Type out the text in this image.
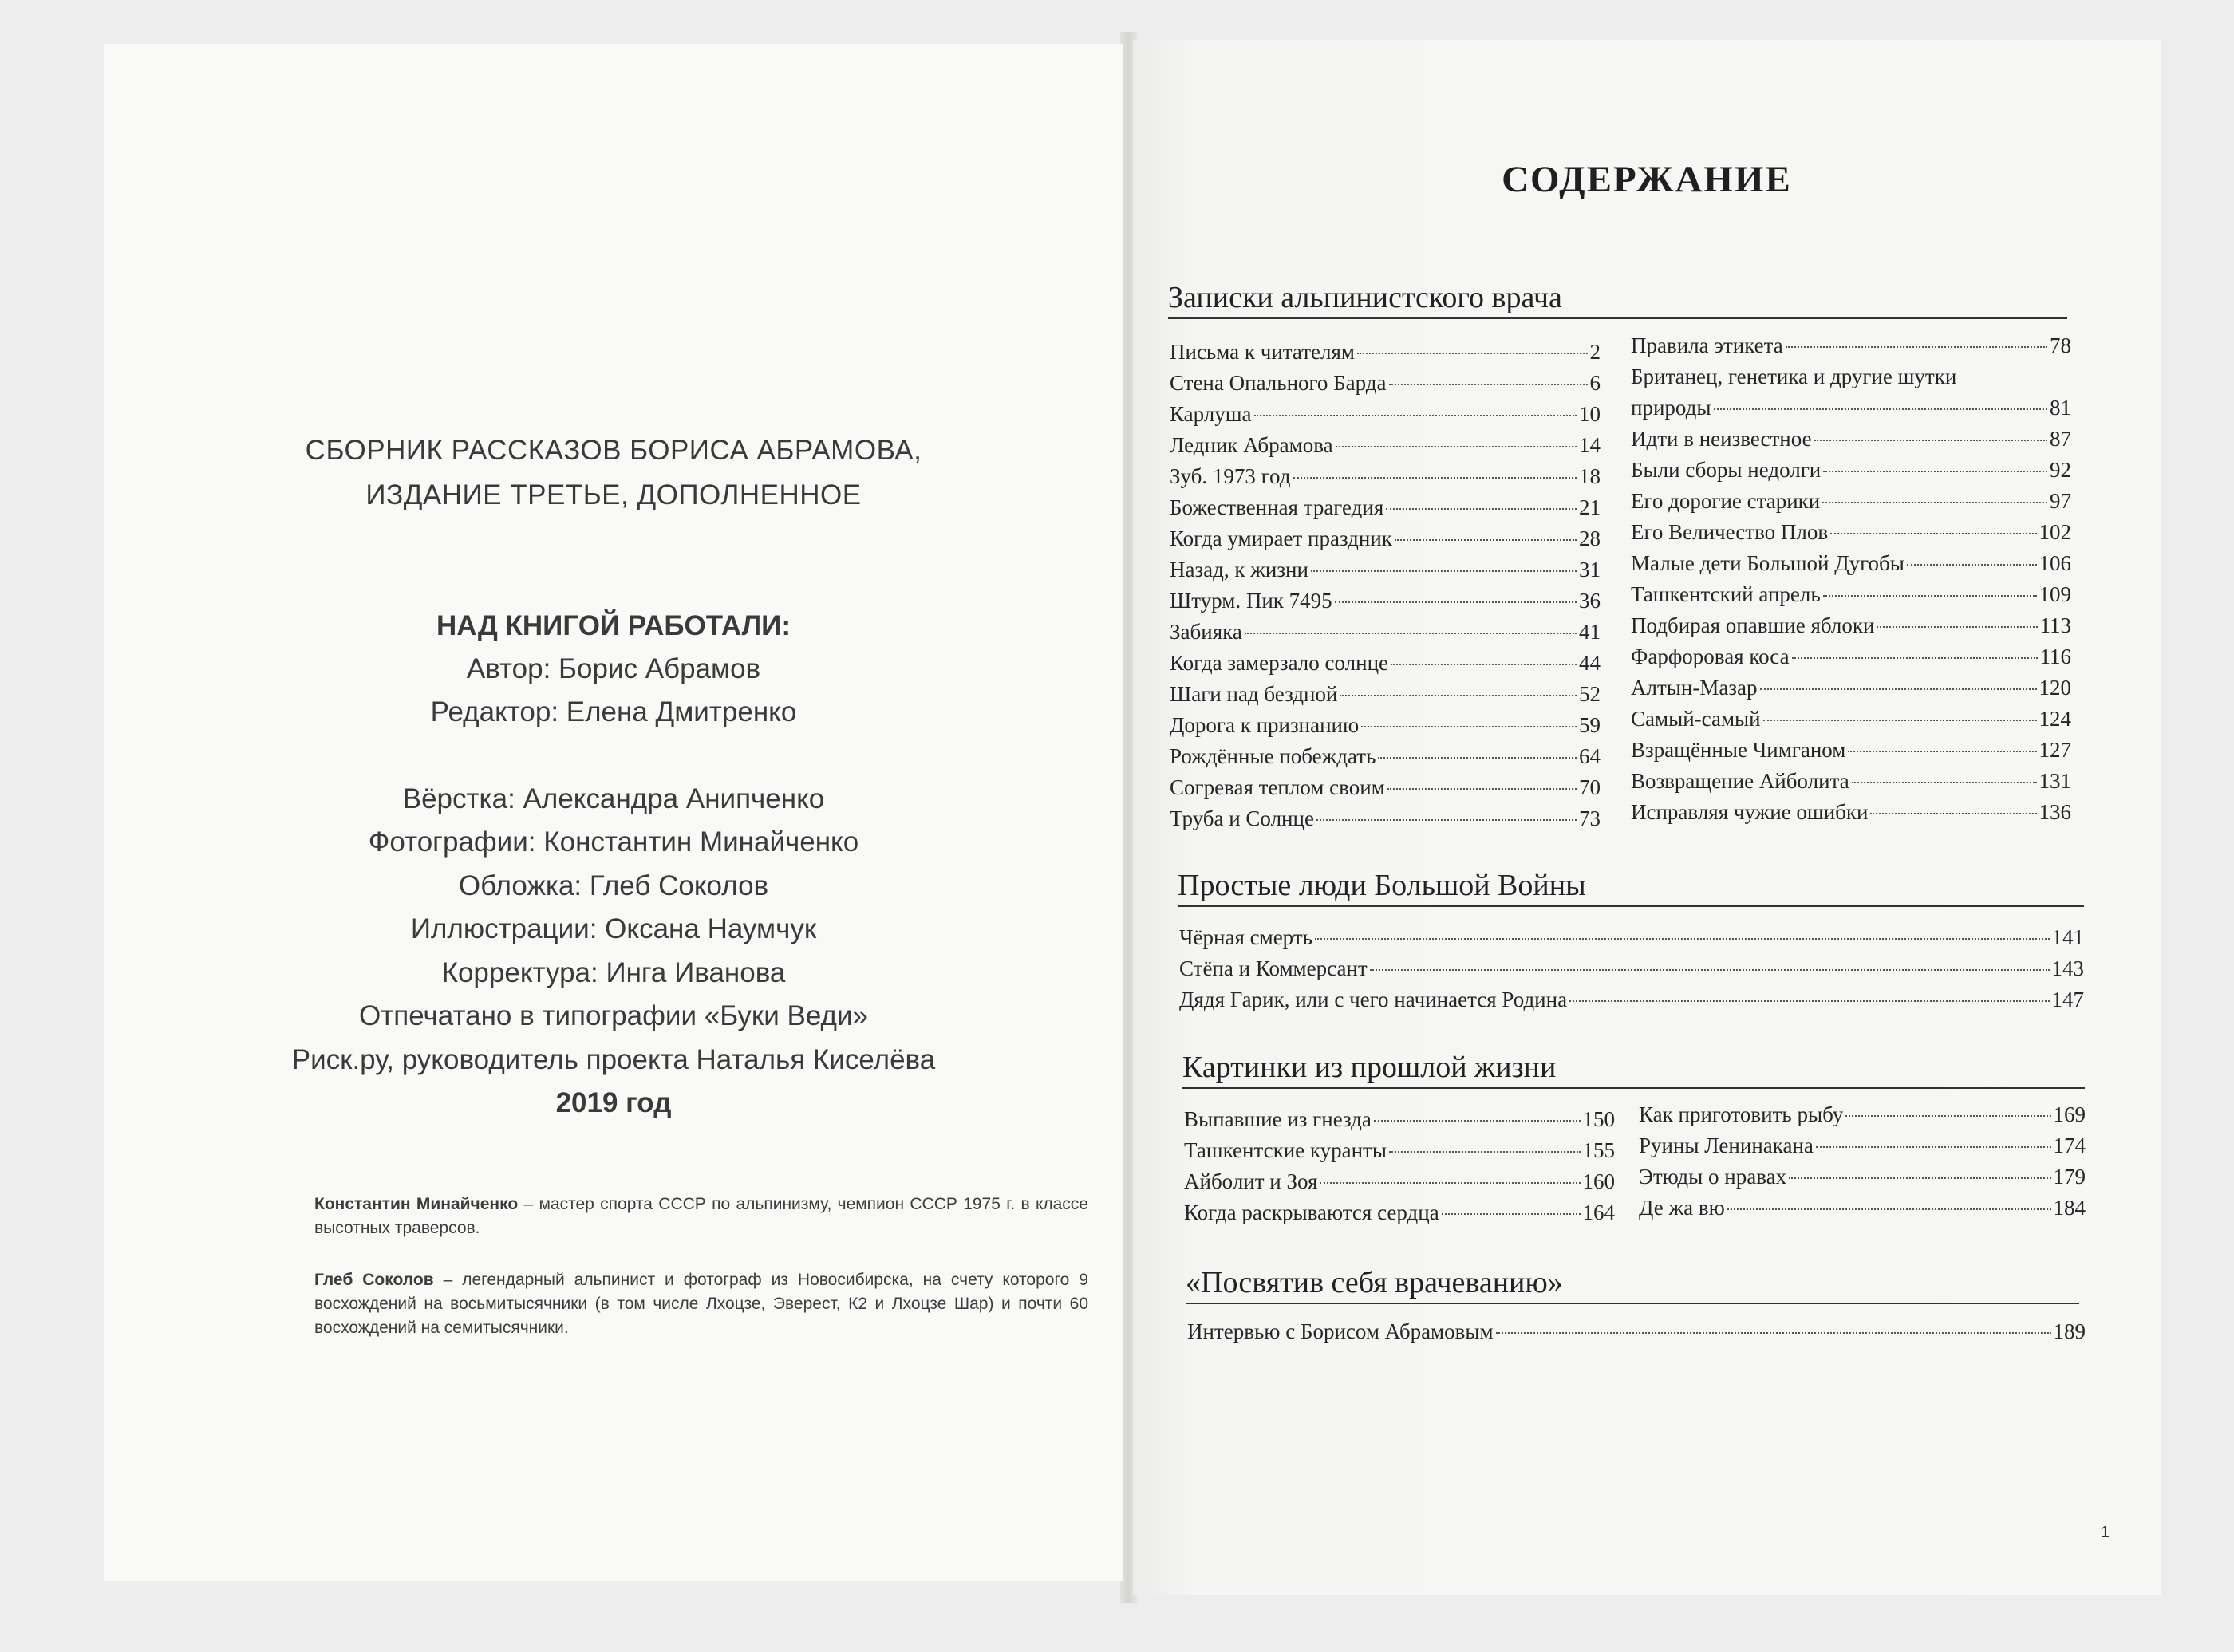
СБОРНИК РАССКАЗОВ БОРИСА АБРАМОВА,
ИЗДАНИЕ ТРЕТЬЕ, ДОПОЛНЕННОЕ
НАД КНИГОЙ РАБОТАЛИ:
Автор: Борис Абрамов
Редактор: Елена Дмитренко
Вёрстка: Александра Анипченко
Фотографии: Константин Минайченко
Обложка: Глеб Соколов
Иллюстрации: Оксана Наумчук
Корректура: Инга Иванова
Отпечатано в типографии «Буки Веди»
Риск.ру, руководитель проекта Наталья Киселёва
2019 год
Константин Минайченко – мастер спорта СССР по альпинизму, чемпион СССР 1975 г. в классе высотных траверсов.
Глеб Соколов – легендарный альпинист и фотограф из Новосибирска, на счету которого 9 восхождений на восьмитысячники (в том числе Лхоцзе, Эверест, К2 и Лхоцзе Шар) и почти 60 восхождений на семитысячники.
СОДЕРЖАНИЕ
Записки альпинистского врача
Письма к читателям	2
Стена Опального Барда	6
Карлуша	10
Ледник Абрамова	14
Зуб. 1973 год	18
Божественная трагедия	21
Когда умирает праздник	28
Назад, к жизни	31
Штурм. Пик 7495	36
Забияка	41
Когда замерзало солнце	44
Шаги над бездной	52
Дорога к признанию	59
Рождённые побеждать	64
Согревая теплом своим	70
Труба и Солнце	73
Правила этикета	78
Британец, генетика и другие шутки
природы	81
Идти в неизвестное	87
Были сборы недолги	92
Его дорогие старики	97
Его Величество Плов	102
Малые дети Большой Дугобы	106
Ташкентский апрель	109
Подбирая опавшие яблоки	113
Фарфоровая коса	116
Алтын-Мазар	120
Самый-самый	124
Взращённые Чимганом	127
Возвращение Айболита	131
Исправляя чужие ошибки	136
Простые люди Большой Войны
Чёрная смерть	141
Стёпа и Коммерсант	143
Дядя Гарик, или с чего начинается Родина	147
Картинки из прошлой жизни
Выпавшие из гнезда	150
Ташкентские куранты	155
Айболит и Зоя	160
Когда раскрываются сердца	164
Как приготовить рыбу	169
Руины Ленинакана	174
Этюды о нравах	179
Де жа вю	184
«Посвятив себя врачеванию»
Интервью с Борисом Абрамовым	189
1
